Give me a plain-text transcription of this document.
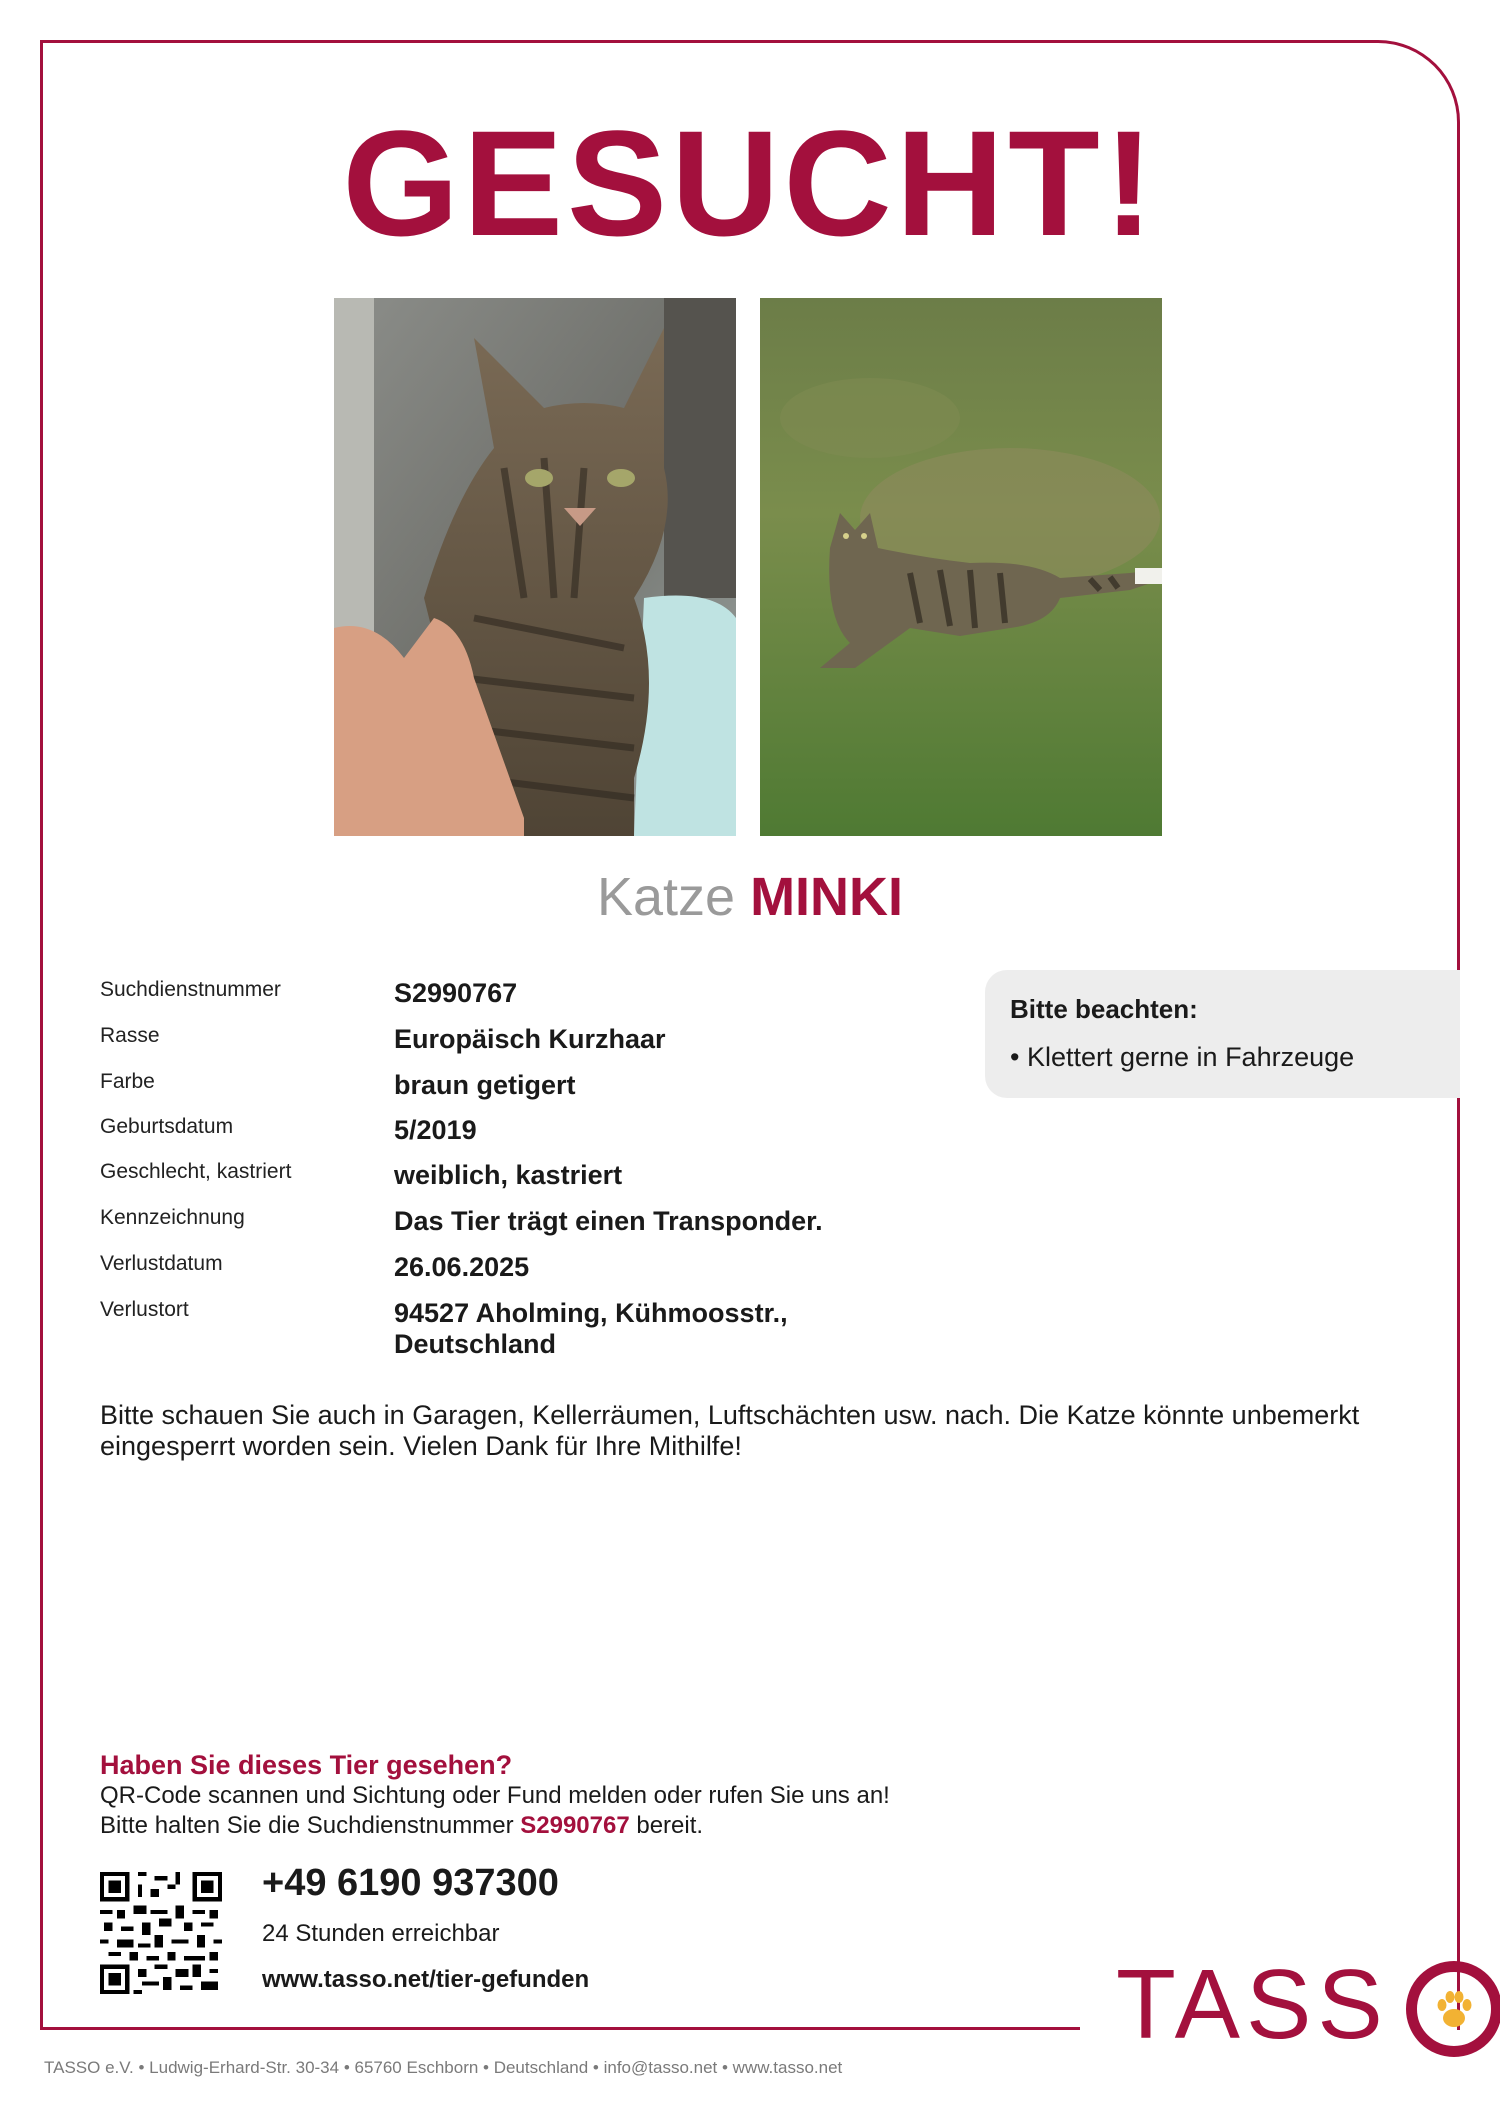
GESUCHT!
Katze MINKI
Suchdienstnummer	S2990767
Rasse	Europäisch Kurzhaar
Farbe	braun getigert
Geburtsdatum	5/2019
Geschlecht, kastriert	weiblich, kastriert
Kennzeichnung	Das Tier trägt einen Transponder.
Verlustdatum	26.06.2025
Verlustort	94527 Aholming, Kühmoosstr.,
Deutschland
Bitte beachten:
• Klettert gerne in Fahrzeuge
Bitte schauen Sie auch in Garagen, Kellerräumen, Luftschächten usw. nach. Die Katze könnte unbemerkt eingesperrt worden sein. Vielen Dank für Ihre Mithilfe!
Haben Sie dieses Tier gesehen?
QR-Code scannen und Sichtung oder Fund melden oder rufen Sie uns an!
Bitte halten Sie die Suchdienstnummer S2990767 bereit.
+49 6190 937300
24 Stunden erreichbar
www.tasso.net/tier-gefunden	TASS
TASSO e.V. • Ludwig-Erhard-Str. 30-34 • 65760 Eschborn • Deutschland • info@tasso.net • www.tasso.net
